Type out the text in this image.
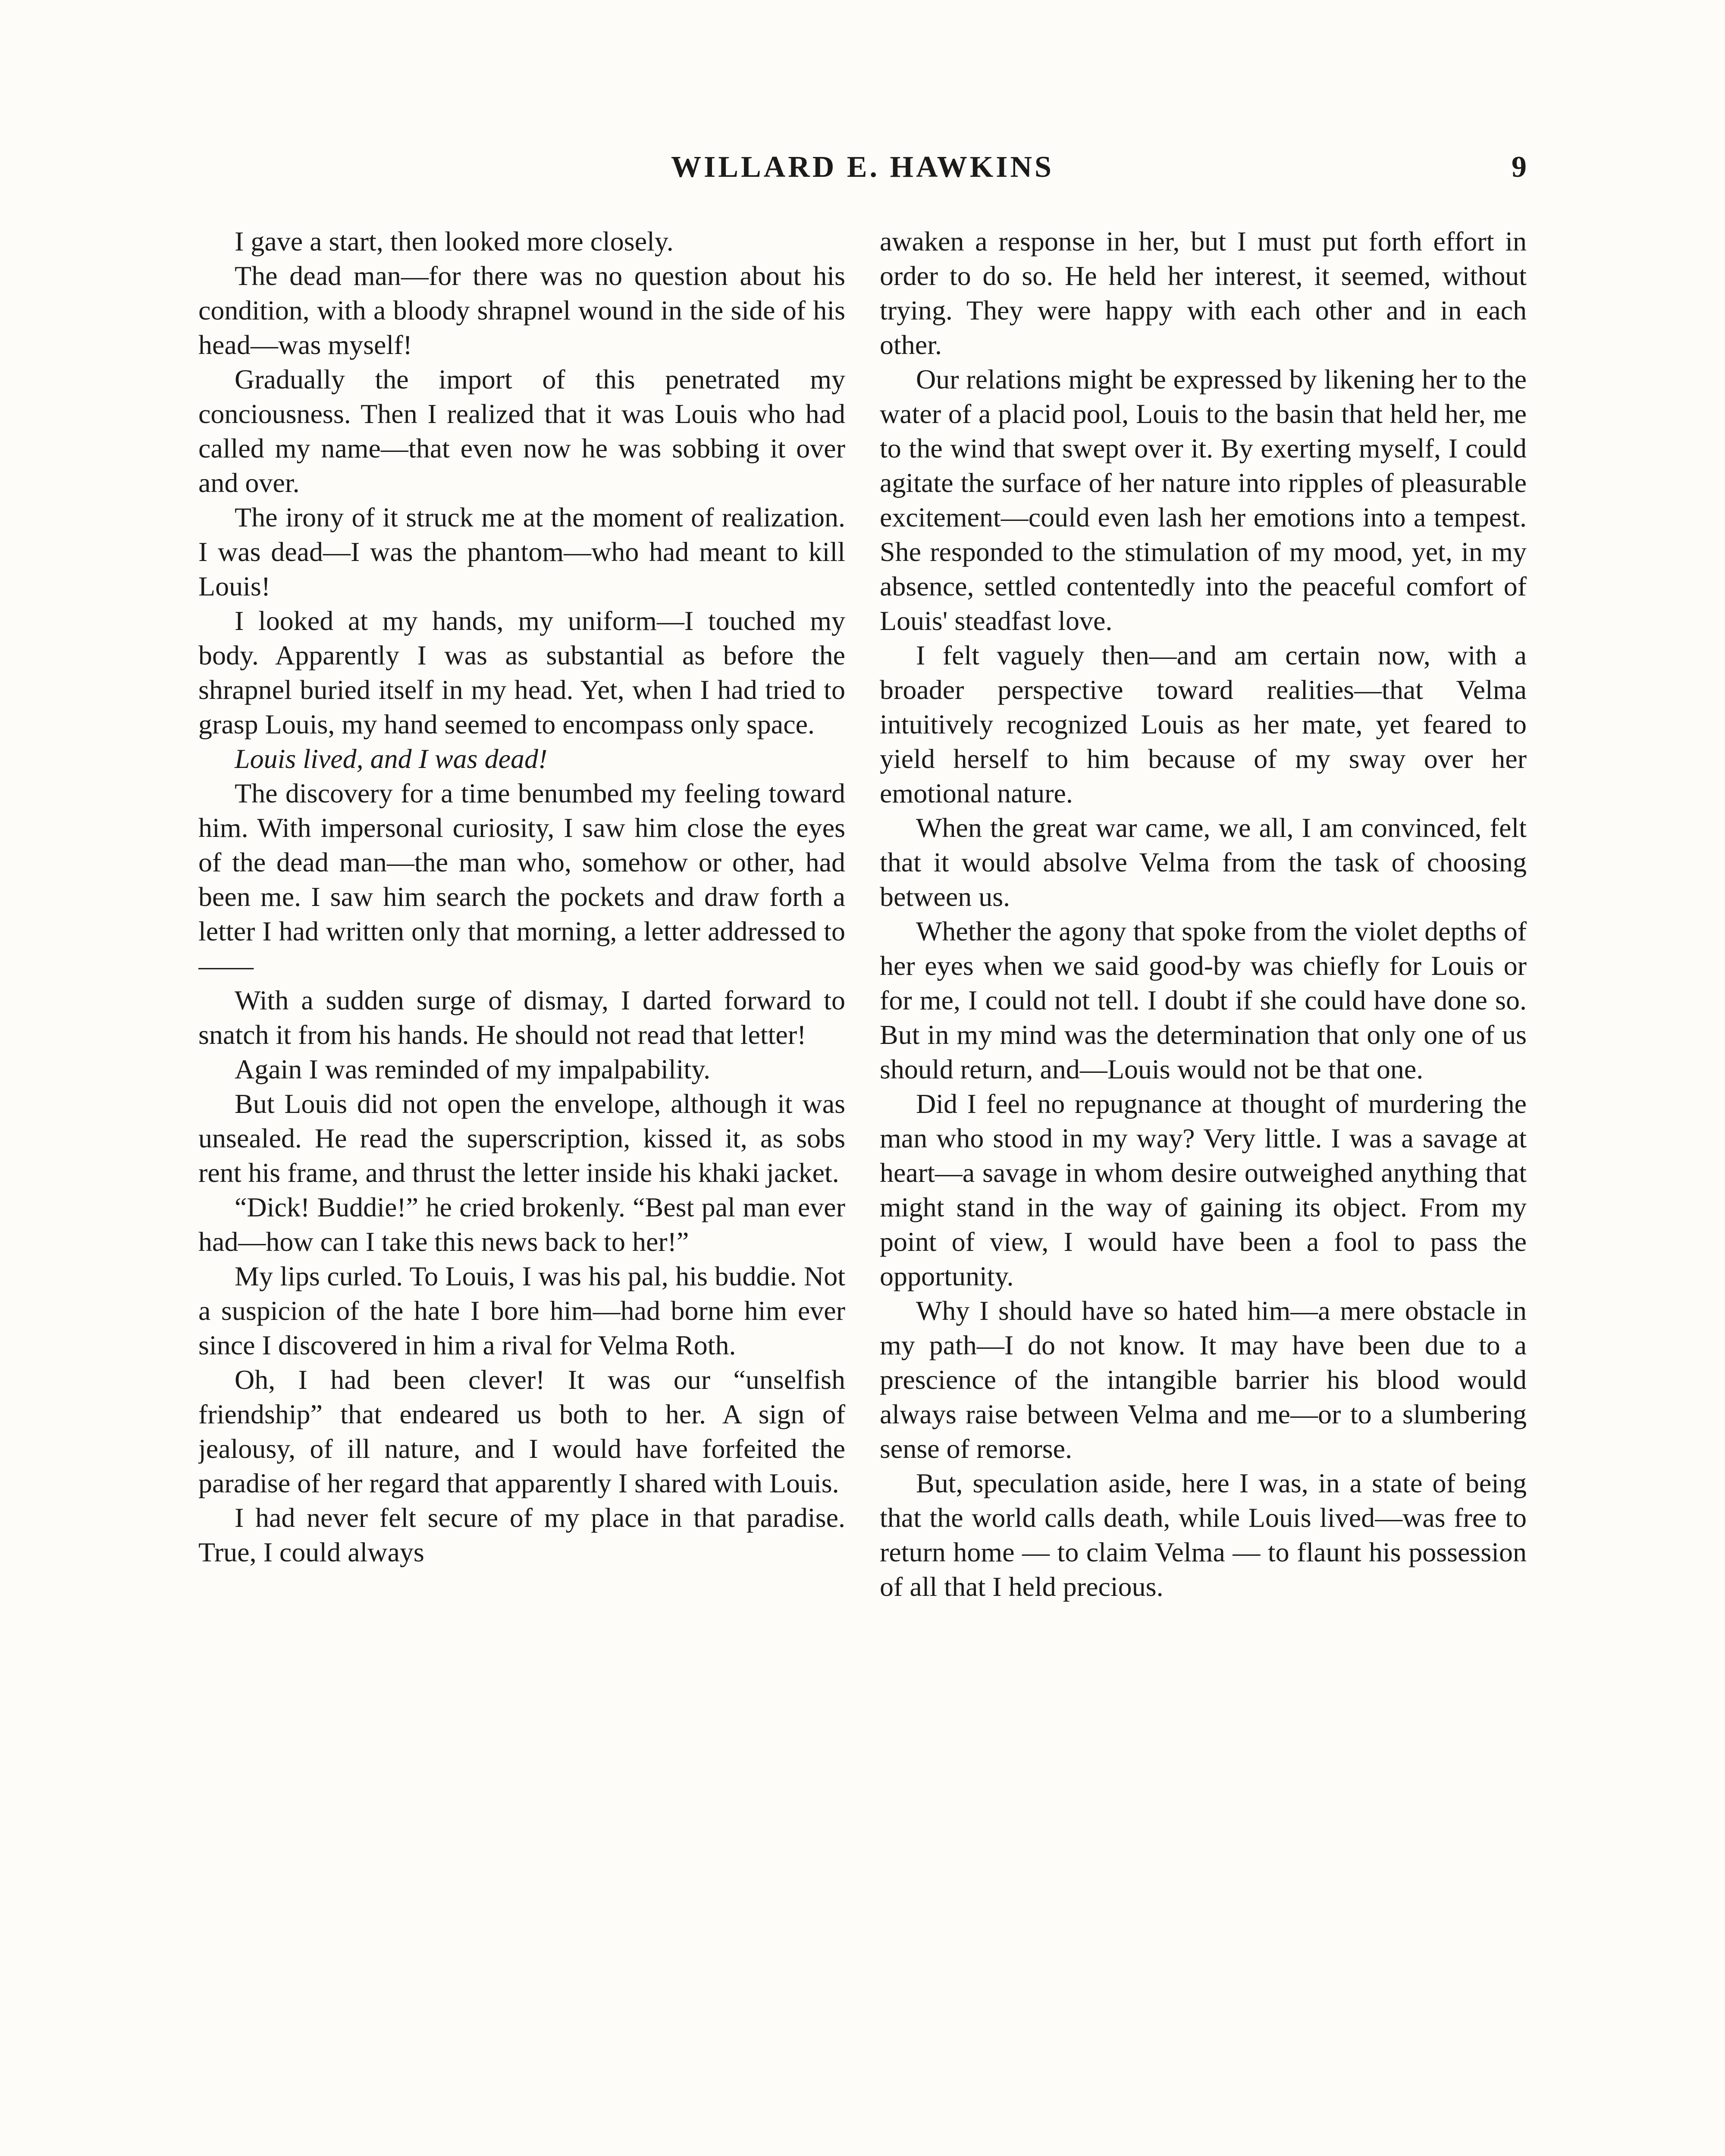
WILLARD E. HAWKINS	9

I gave a start, then looked more closely.

The dead man—for there was no question about his condition, with a bloody shrapnel wound in the side of his head—was myself!

Gradually the import of this penetrated my conciousness. Then I realized that it was Louis who had called my name—that even now he was sobbing it over and over.

The irony of it struck me at the moment of realization. I was dead—I was the phantom—who had meant to kill Louis!

I looked at my hands, my uniform—I touched my body. Apparently I was as substantial as before the shrapnel buried itself in my head. Yet, when I had tried to grasp Louis, my hand seemed to encompass only space.

Louis lived, and I was dead!

The discovery for a time benumbed my feeling toward him. With impersonal curiosity, I saw him close the eyes of the dead man—the man who, somehow or other, had been me. I saw him search the pockets and draw forth a letter I had written only that morning, a letter addressed to——

With a sudden surge of dismay, I darted forward to snatch it from his hands. He should not read that letter!

Again I was reminded of my impalpability.

But Louis did not open the envelope, although it was unsealed. He read the superscription, kissed it, as sobs rent his frame, and thrust the letter inside his khaki jacket.

“Dick! Buddie!” he cried brokenly. “Best pal man ever had—how can I take this news back to her!”

My lips curled. To Louis, I was his pal, his buddie. Not a suspicion of the hate I bore him—had borne him ever since I discovered in him a rival for Velma Roth.

Oh, I had been clever! It was our “unselfish friendship” that endeared us both to her. A sign of jealousy, of ill nature, and I would have forfeited the paradise of her regard that apparently I shared with Louis.

I had never felt secure of my place in that paradise. True, I could always

awaken a response in her, but I must put forth effort in order to do so. He held her interest, it seemed, without trying. They were happy with each other and in each other.

Our relations might be expressed by likening her to the water of a placid pool, Louis to the basin that held her, me to the wind that swept over it. By exerting myself, I could agitate the surface of her nature into ripples of pleasurable excitement—could even lash her emotions into a tempest. She responded to the stimulation of my mood, yet, in my absence, settled contentedly into the peaceful comfort of Louis' steadfast love.

I felt vaguely then—and am certain now, with a broader perspective toward realities—that Velma intuitively recognized Louis as her mate, yet feared to yield herself to him because of my sway over her emotional nature.

When the great war came, we all, I am convinced, felt that it would absolve Velma from the task of choosing between us.

Whether the agony that spoke from the violet depths of her eyes when we said good-by was chiefly for Louis or for me, I could not tell. I doubt if she could have done so. But in my mind was the determination that only one of us should return, and—Louis would not be that one.

Did I feel no repugnance at thought of murdering the man who stood in my way? Very little. I was a savage at heart—a savage in whom desire outweighed anything that might stand in the way of gaining its object. From my point of view, I would have been a fool to pass the opportunity.

Why I should have so hated him—a mere obstacle in my path—I do not know. It may have been due to a prescience of the intangible barrier his blood would always raise between Velma and me—or to a slumbering sense of remorse.

But, speculation aside, here I was, in a state of being that the world calls death, while Louis lived—was free to return home — to claim Velma — to flaunt his possession of all that I held precious.
